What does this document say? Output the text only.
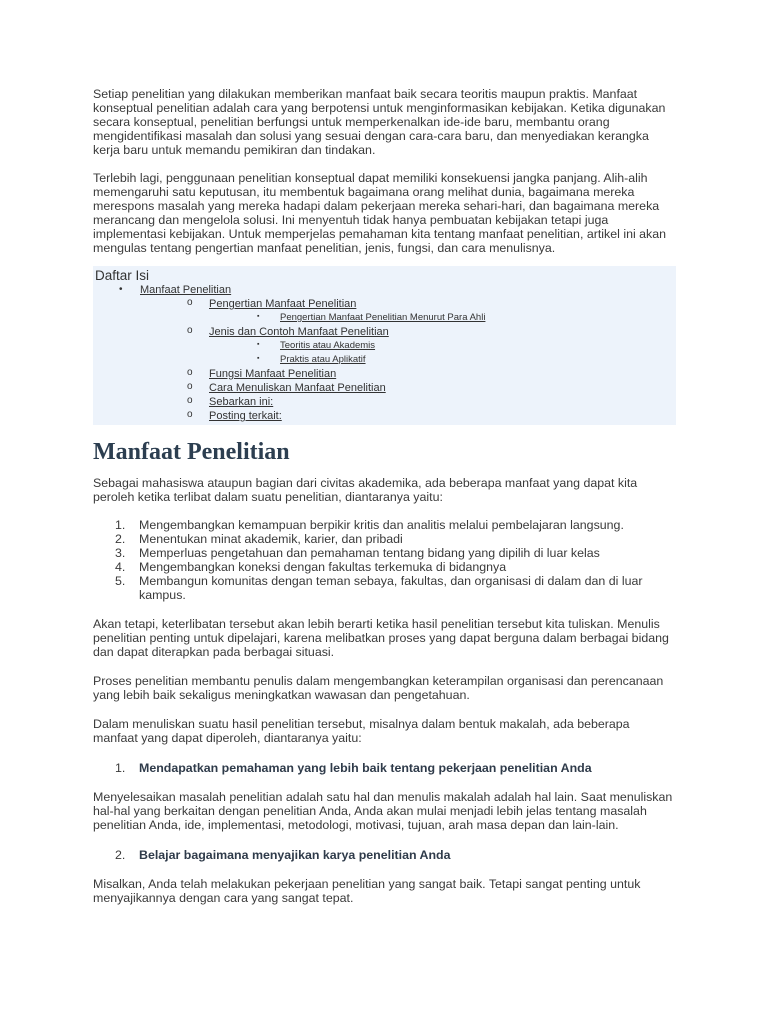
Setiap penelitian yang dilakukan memberikan manfaat baik secara teoritis maupun praktis. Manfaat konseptual penelitian adalah cara yang berpotensi untuk menginformasikan kebijakan. Ketika digunakan secara konseptual, penelitian berfungsi untuk memperkenalkan ide-ide baru, membantu orang mengidentifikasi masalah dan solusi yang sesuai dengan cara-cara baru, dan menyediakan kerangka kerja baru untuk memandu pemikiran dan tindakan.

Terlebih lagi, penggunaan penelitian konseptual dapat memiliki konsekuensi jangka panjang. Alih-alih memengaruhi satu keputusan, itu membentuk bagaimana orang melihat dunia, bagaimana mereka merespons masalah yang mereka hadapi dalam pekerjaan mereka sehari-hari, dan bagaimana mereka merancang dan mengelola solusi. Ini menyentuh tidak hanya pembuatan kebijakan tetapi juga implementasi kebijakan. Untuk memperjelas pemahaman kita tentang manfaat penelitian, artikel ini akan mengulas tentang pengertian manfaat penelitian, jenis, fungsi, dan cara menulisnya.

Daftar Isi
• Manfaat Penelitian
o Pengertian Manfaat Penelitian
▪ Pengertian Manfaat Penelitian Menurut Para Ahli
o Jenis dan Contoh Manfaat Penelitian
▪ Teoritis atau Akademis
▪ Praktis atau Aplikatif
o Fungsi Manfaat Penelitian
o Cara Menuliskan Manfaat Penelitian
o Sebarkan ini:
o Posting terkait:
Manfaat Penelitian

Sebagai mahasiswa ataupun bagian dari civitas akademika, ada beberapa manfaat yang dapat kita peroleh ketika terlibat dalam suatu penelitian, diantaranya yaitu:

1. Mengembangkan kemampuan berpikir kritis dan analitis melalui pembelajaran langsung.
2. Menentukan minat akademik, karier, dan pribadi
3. Memperluas pengetahuan dan pemahaman tentang bidang yang dipilih di luar kelas
4. Mengembangkan koneksi dengan fakultas terkemuka di bidangnya
5. Membangun komunitas dengan teman sebaya, fakultas, dan organisasi di dalam dan di luar kampus.

Akan tetapi, keterlibatan tersebut akan lebih berarti ketika hasil penelitian tersebut kita tuliskan. Menulis penelitian penting untuk dipelajari, karena melibatkan proses yang dapat berguna dalam berbagai bidang dan dapat diterapkan pada berbagai situasi.

Proses penelitian membantu penulis dalam mengembangkan keterampilan organisasi dan perencanaan yang lebih baik sekaligus meningkatkan wawasan dan pengetahuan.

Dalam menuliskan suatu hasil penelitian tersebut, misalnya dalam bentuk makalah, ada beberapa manfaat yang dapat diperoleh, diantaranya yaitu:

1. Mendapatkan pemahaman yang lebih baik tentang pekerjaan penelitian Anda

Menyelesaikan masalah penelitian adalah satu hal dan menulis makalah adalah hal lain. Saat menuliskan hal-hal yang berkaitan dengan penelitian Anda, Anda akan mulai menjadi lebih jelas tentang masalah penelitian Anda, ide, implementasi, metodologi, motivasi, tujuan, arah masa depan dan lain-lain.

2. Belajar bagaimana menyajikan karya penelitian Anda

Misalkan, Anda telah melakukan pekerjaan penelitian yang sangat baik. Tetapi sangat penting untuk menyajikannya dengan cara yang sangat tepat.
